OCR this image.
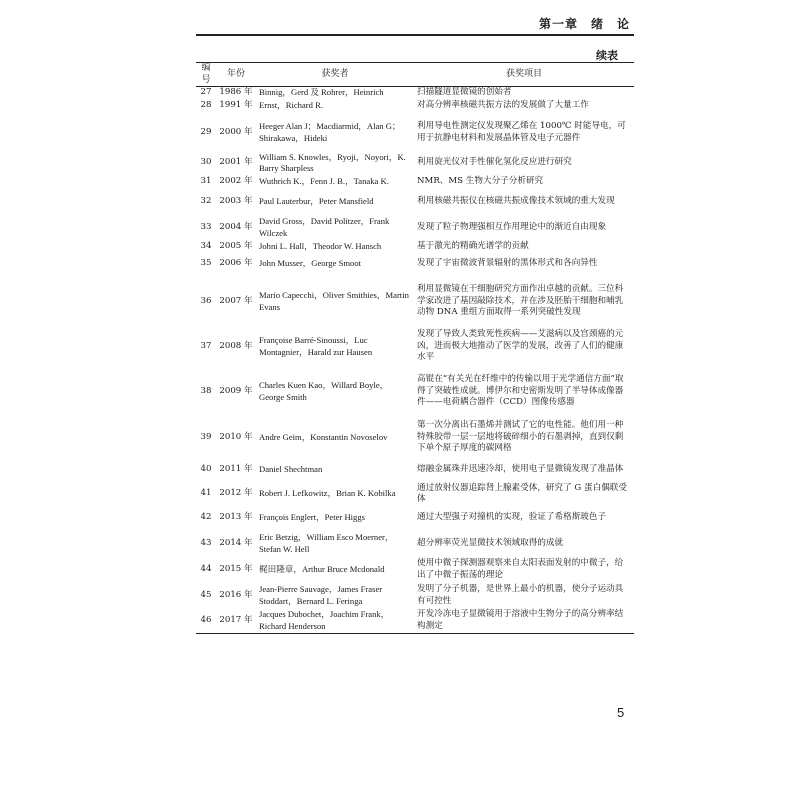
第一章　绪　论
续表
编号	年份	获奖者	获奖项目
27	1986 年	Binnig，Gerd 及 Rohrer，Heinrich	扫描隧道显微镜的创始者
28	1991 年	Ernst，Richard R.	对高分辨率核磁共振方法的发展做了大量工作
29	2000 年	Heeger Alan J；Macdiarmid，Alan G；Shirakawa，Hideki	利用导电性测定仪发现聚乙烯在 1000℃ 时能导电，可用于抗静电材料和发展晶体管及电子元器件
30	2001 年	William S. Knowles，Ryoji，Noyori，K. Barry Sharpless	利用旋光仪对手性催化氢化反应进行研究
31	2002 年	Wuthrich K.，Fenn J. B.，Tanaka K.	NMR、MS 生物大分子分析研究
32	2003 年	Paul Lauterbur，Peter Mansfield	利用核磁共振仪在核磁共振成像技术领域的重大发现
33	2004 年	David Gross，David Politzer，Frank Wilczek	发现了粒子物理强相互作用理论中的渐近自由现象
34	2005 年	Johni L. Hall，Theodor W. Hansch	基于激光的精确光谱学的贡献
35	2006 年	John Musser，George Smoot	发现了宇宙微波背景辐射的黑体形式和各向异性
36	2007 年	Mario Capecchi，Oliver Smithies，Martin Evans	利用显微镜在干细胞研究方面作出卓越的贡献。三位科学家改进了基因敲除技术，并在涉及胚胎干细胞和哺乳动物 DNA 重组方面取得一系列突破性发现
37	2008 年	Françoise Barré-Sinoussi，Luc Montagnier，Harald zur Hausen	发现了导致人类致死性疾病——艾滋病以及宫颈癌的元凶，进而极大地推动了医学的发展，改善了人们的健康水平
38	2009 年	Charles Kuen Kao，Willard Boyle，George Smith	高锟在“有关光在纤维中的传输以用于光学通信方面”取得了突破性成就。博伊尔和史密斯发明了半导体成像器件——电荷耦合器件（CCD）图像传感器
39	2010 年	Andre Geim，Konstantin Novoselov	第一次分离出石墨烯并测试了它的电性能。他们用一种特殊胶带一层一层地将破碎细小的石墨剥掉，直到仅剩下单个原子厚度的碳网格
40	2011 年	Daniel Shechtman	熔融金属珠并迅速冷却，使用电子显微镜发现了准晶体
41	2012 年	Robert J. Lefkowitz，Brian K. Kobilka	通过放射仪器追踪肾上腺素受体，研究了 G 蛋白偶联受体
42	2013 年	François Englert，Peter Higgs	通过大型强子对撞机的实现，验证了希格斯玻色子
43	2014 年	Eric Betzig，William Esco Moerner，Stefan W. Hell	超分辨率荧光显微技术领域取得的成就
44	2015 年	梶田隆章，Arthur Bruce Mcdonald	使用中微子探测器观察来自太阳表面发射的中微子，给出了中微子振荡的理论
45	2016 年	Jean-Pierre Sauvage，James Fraser Stoddart，Bernard L. Feringa	发明了分子机器，是世界上最小的机器，使分子运动具有可控性
46	2017 年	Jacques Dubochet，Joachim Frank，Richard Henderson	开发冷冻电子显微镜用于溶液中生物分子的高分辨率结构测定
5
